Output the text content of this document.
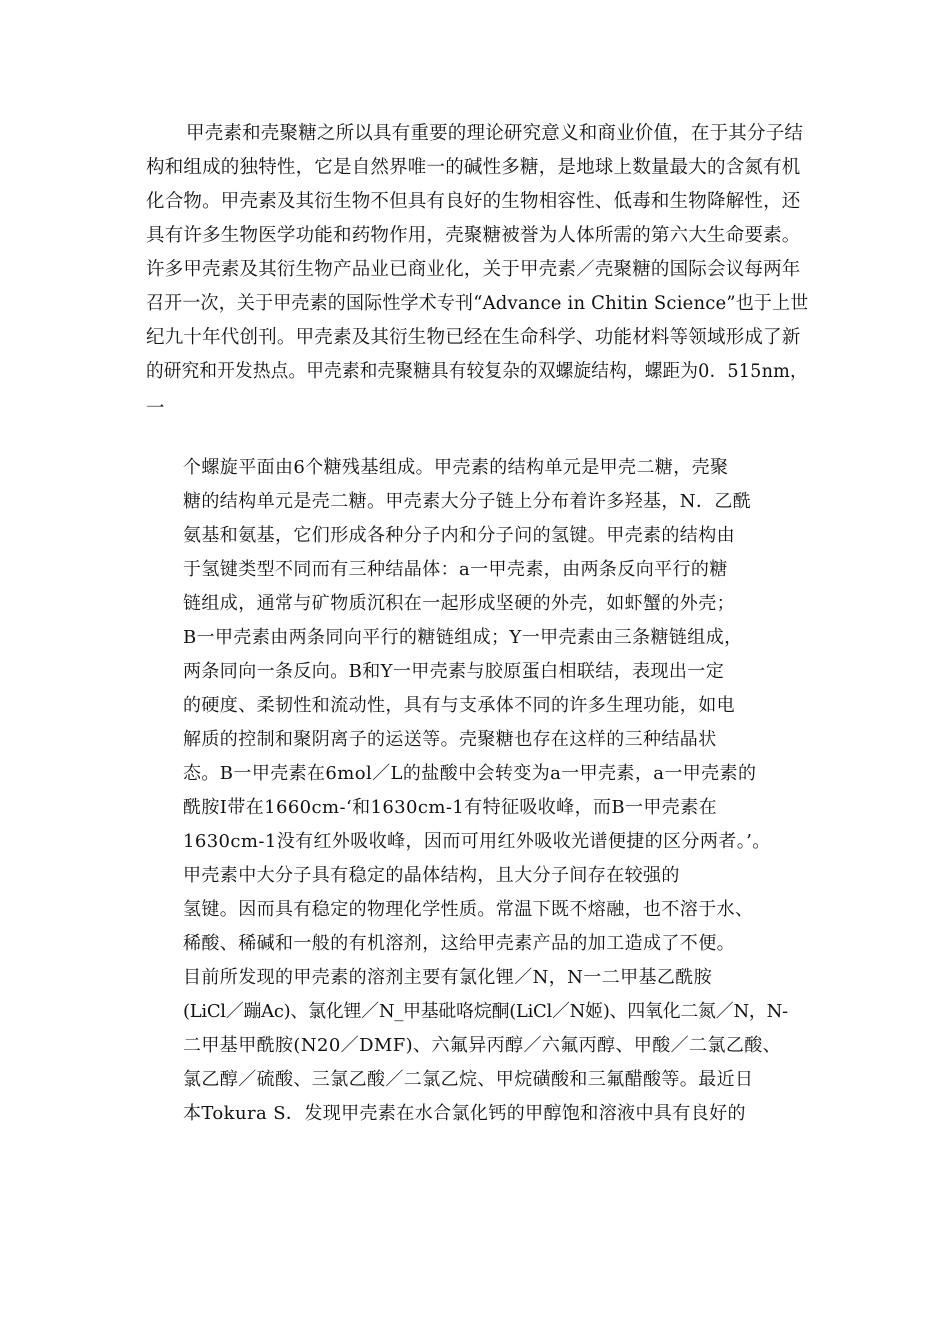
甲壳素和壳聚糖之所以具有重要的理论研究意义和商业价值，在于其分子结
构和组成的独特性，它是自然界唯一的碱性多糖，是地球上数量最大的含氮有机
化合物。甲壳素及其衍生物不但具有良好的生物相容性、低毒和生物降解性，还
具有许多生物医学功能和药物作用，壳聚糖被誉为人体所需的第六大生命要素。
许多甲壳素及其衍生物产品业已商业化，关于甲壳素／壳聚糖的国际会议每两年
召开一次，关于甲壳素的国际性学术专刊“Advance in Chitin Science”也于上世
纪九十年代创刊。甲壳素及其衍生物已经在生命科学、功能材料等领域形成了新
的研究和开发热点。甲壳素和壳聚糖具有较复杂的双螺旋结构，螺距为0．515nm，
一
个螺旋平面由6个糖残基组成。甲壳素的结构单元是甲壳二糖，壳聚
糖的结构单元是壳二糖。甲壳素大分子链上分布着许多羟基，N．乙酰
氨基和氨基，它们形成各种分子内和分子问的氢键。甲壳素的结构由
于氢键类型不同而有三种结晶体：a一甲壳素，由两条反向平行的糖
链组成，通常与矿物质沉积在一起形成坚硬的外壳，如虾蟹的外壳；
B一甲壳素由两条同向平行的糖链组成；Y一甲壳素由三条糖链组成，
两条同向一条反向。B和Y一甲壳素与胶原蛋白相联结，表现出一定
的硬度、柔韧性和流动性，具有与支承体不同的许多生理功能，如电
解质的控制和聚阴离子的运送等。壳聚糖也存在这样的三种结晶状
态。B一甲壳素在6mol／L的盐酸中会转变为a一甲壳素，a一甲壳素的
酰胺I带在1660cm-‘和1630cm-1有特征吸收峰，而B一甲壳素在
1630cm-1没有红外吸收峰，因而可用红外吸收光谱便捷的区分两者。’。
甲壳素中大分子具有稳定的晶体结构，且大分子间存在较强的
氢键。因而具有稳定的物理化学性质。常温下既不熔融，也不溶于水、
稀酸、稀碱和一般的有机溶剂，这给甲壳素产品的加工造成了不便。
目前所发现的甲壳素的溶剂主要有氯化锂／N，N一二甲基乙酰胺
(LiCl／蹦Ac)、氯化锂／N_甲基砒咯烷酮(LiCl／N姬)、四氧化二氮／N，N-
二甲基甲酰胺(N20／DMF)、六氟异丙醇／六氟丙醇、甲酸／二氯乙酸、
氯乙醇／硫酸、三氯乙酸／二氯乙烷、甲烷磺酸和三氟醋酸等。最近日
本Tokura S．发现甲壳素在水合氯化钙的甲醇饱和溶液中具有良好的
